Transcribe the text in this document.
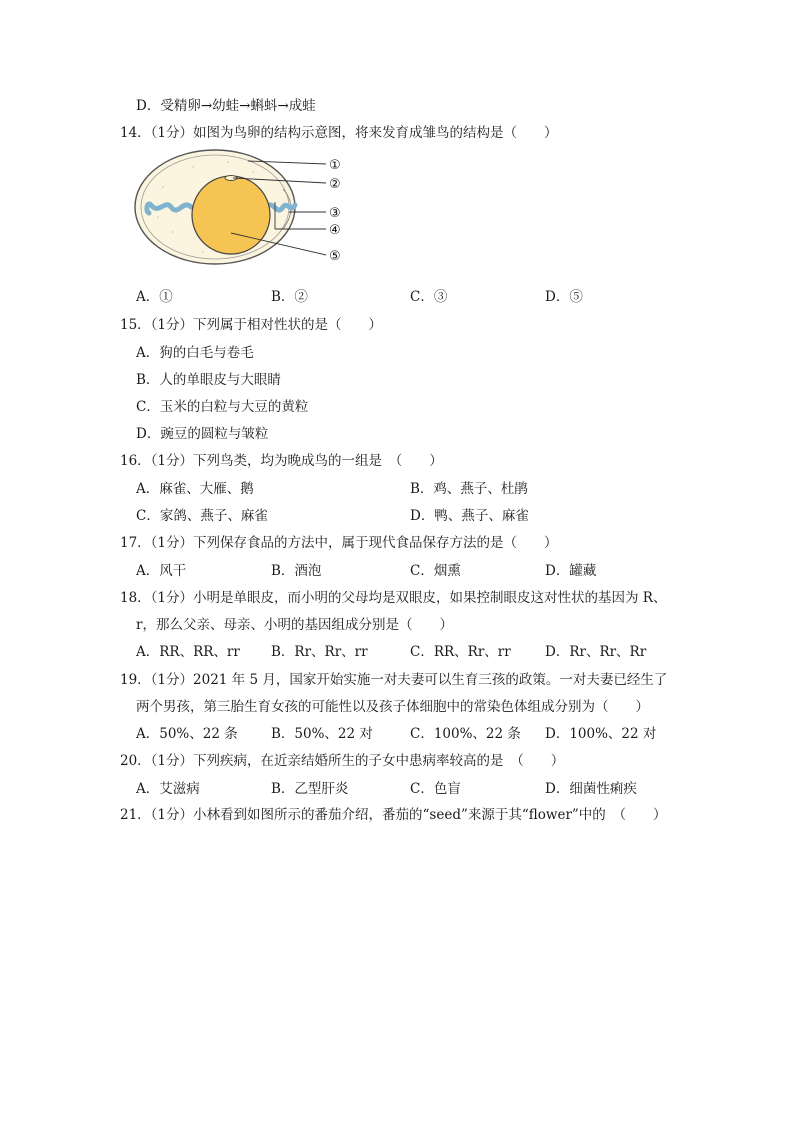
D．受精卵→幼蛙→蝌蚪→成蛙
14．（1分）如图为鸟卵的结构示意图，将来发育成雏鸟的结构是（　　）
①
②
③
④
⑤
A．①	B．②	C．③	D．⑤
15．（1分）下列属于相对性状的是（　　）
A．狗的白毛与卷毛
B．人的单眼皮与大眼睛
C．玉米的白粒与大豆的黄粒
D．豌豆的圆粒与皱粒
16．（1分）下列鸟类，均为晚成鸟的一组是　（　　）
A．麻雀、大雁、鹅	B．鸡、燕子、杜鹃
C．家鸽、燕子、麻雀	D．鸭、燕子、麻雀
17．（1分）下列保存食品的方法中，属于现代食品保存方法的是（　　）
A．风干	B．酒泡	C．烟熏	D．罐藏
18．（1分）小明是单眼皮，而小明的父母均是双眼皮，如果控制眼皮这对性状的基因为 R、
r，那么父亲、母亲、小明的基因组成分别是（　　）
A．RR、RR、rr B．Rr、Rr、rr	C．RR、Rr、rr	D．Rr、Rr、Rr
19．（1分）2021 年 5 月，国家开始实施一对夫妻可以生育三孩的政策。一对夫妻已经生了
两个男孩，第三胎生育女孩的可能性以及孩子体细胞中的常染色体组成分别为（　　）
A．50%、22 条 B．50%、22 对	C．100%、22 条 D．100%、22 对
20．（1分）下列疾病，在近亲结婚所生的子女中患病率较高的是　（　　）
A．艾滋病	B．乙型肝炎	C．色盲	D．细菌性痢疾
21．（1分）小林看到如图所示的番茄介绍，番茄的“seed”来源于其“flower”中的　（　　）
